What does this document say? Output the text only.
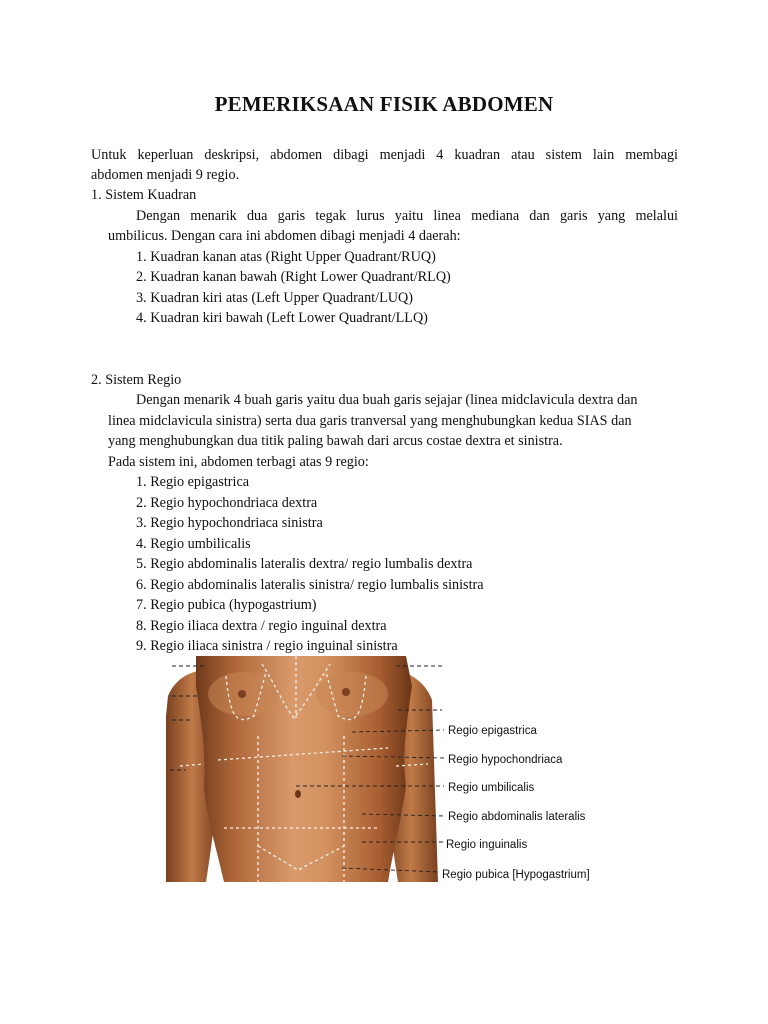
PEMERIKSAAN FISIK ABDOMEN
Untuk keperluan deskripsi, abdomen dibagi menjadi 4 kuadran atau sistem lain membagi
abdomen menjadi 9 regio.
1. Sistem Kuadran
Dengan menarik dua garis tegak lurus yaitu linea mediana dan garis yang melalui
umbilicus. Dengan cara ini abdomen dibagi menjadi 4 daerah:
1. Kuadran kanan atas (Right Upper Quadrant/RUQ)
2. Kuadran kanan bawah (Right Lower Quadrant/RLQ)
3. Kuadran kiri atas (Left Upper Quadrant/LUQ)
4. Kuadran kiri bawah (Left Lower Quadrant/LLQ)
2. Sistem Regio
Dengan menarik 4 buah garis yaitu dua buah garis sejajar (linea midclavicula dextra dan
linea midclavicula sinistra) serta dua garis tranversal yang menghubungkan kedua SIAS dan
yang menghubungkan dua titik paling bawah dari arcus costae dextra et sinistra.
Pada sistem ini, abdomen terbagi atas 9 regio:
1. Regio epigastrica
2. Regio hypochondriaca dextra
3. Regio hypochondriaca sinistra
4. Regio umbilicalis
5. Regio abdominalis lateralis dextra/ regio lumbalis dextra
6. Regio abdominalis lateralis sinistra/ regio lumbalis sinistra
7. Regio pubica (hypogastrium)
8. Regio iliaca dextra / regio inguinal dextra
9. Regio iliaca sinistra / regio inguinal sinistra
Regio epigastrica
Regio hypochondriaca
Regio umbilicalis
Regio abdominalis lateralis
Regio inguinalis
Regio pubica [Hypogastrium]
